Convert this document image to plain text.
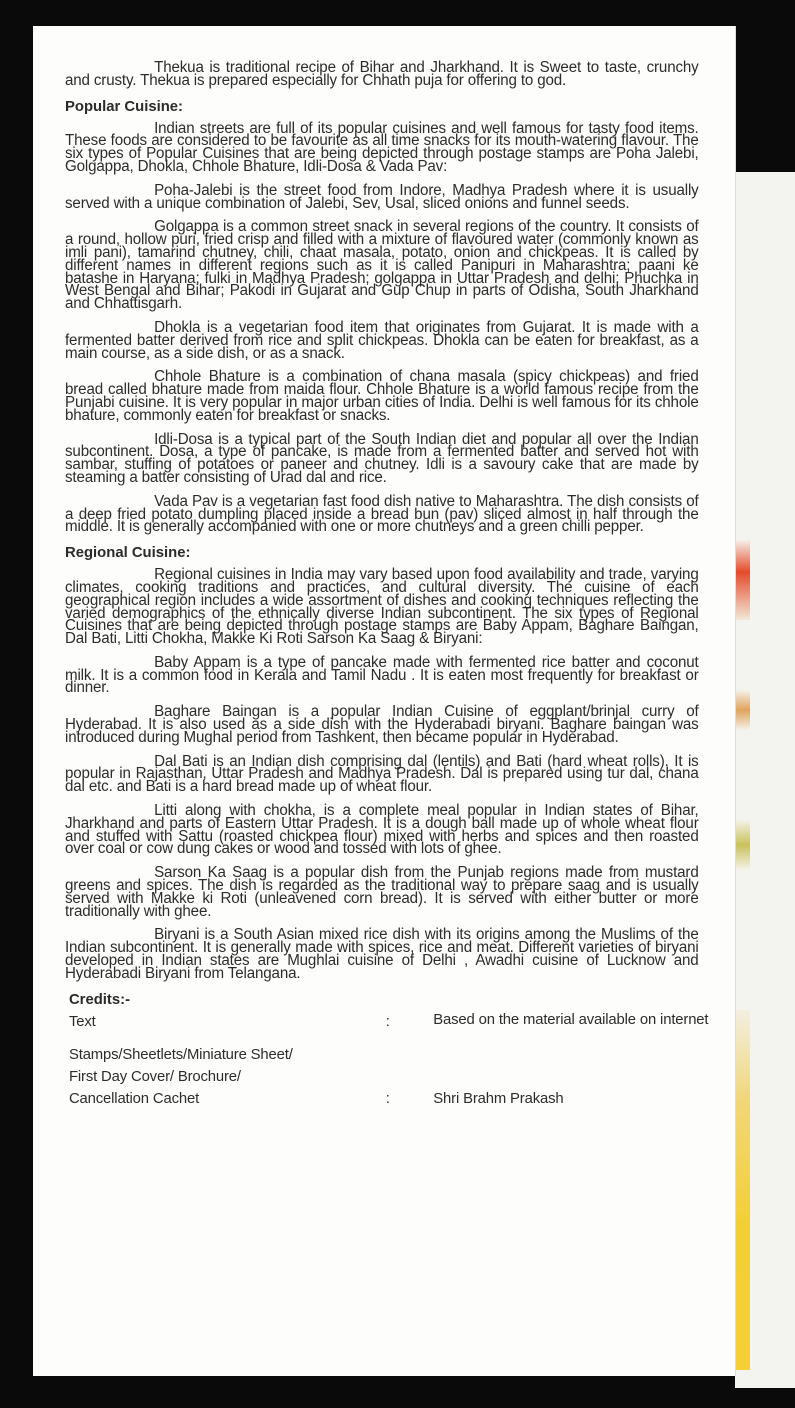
Thekua is traditional recipe of Bihar and Jharkhand. It is Sweet to taste, crunchy and crusty. Thekua is prepared especially for Chhath puja for offering to god.

Popular Cuisine:

Indian streets are full of its popular cuisines and well famous for tasty food items. These foods are considered to be favourite as all time snacks for its mouth-watering flavour. The six types of Popular Cuisines that are being depicted through postage stamps are Poha Jalebi, Golgappa, Dhokla, Chhole Bhature, Idli-Dosa & Vada Pav:

Poha-Jalebi is the street food from Indore, Madhya Pradesh where it is usually served with a unique combination of Jalebi, Sev, Usal, sliced onions and funnel seeds.

Golgappa is a common street snack in several regions of the country. It consists of a round, hollow puri, fried crisp and filled with a mixture of flavoured water (commonly known as imli pani), tamarind chutney, chili, chaat masala, potato, onion and chickpeas. It is called by different names in different regions such as it is called Panipuri in Maharashtra; paani ke batashe in Haryana; fulki in Madhya Pradesh; golgappa in Uttar Pradesh and delhi; Phuchka in West Bengal and Bihar; Pakodi in Gujarat and Gup Chup in parts of Odisha, South Jharkhand and Chhattisgarh.

Dhokla is a vegetarian food item that originates from Gujarat. It is made with a fermented batter derived from rice and split chickpeas. Dhokla can be eaten for breakfast, as a main course, as a side dish, or as a snack.

Chhole Bhature is a combination of chana masala (spicy chickpeas) and fried bread called bhature made from maida flour. Chhole Bhature is a world famous recipe from the Punjabi cuisine. It is very popular in major urban cities of India. Delhi is well famous for its chhole bhature, commonly eaten for breakfast or snacks.

Idli-Dosa is a typical part of the South Indian diet and popular all over the Indian subcontinent. Dosa, a type of pancake, is made from a fermented batter and served hot with sambar, stuffing of potatoes or paneer and chutney. Idli is a savoury cake that are made by steaming a batter consisting of Urad dal and rice.

Vada Pav is a vegetarian fast food dish native to Maharashtra. The dish consists of a deep fried potato dumpling placed inside a bread bun (pav) sliced almost in half through the middle. It is generally accompanied with one or more chutneys and a green chilli pepper.

Regional Cuisine:

Regional cuisines in India may vary based upon food availability and trade, varying climates, cooking traditions and practices, and cultural diversity. The cuisine of each geographical region includes a wide assortment of dishes and cooking techniques reflecting the varied demographics of the ethnically diverse Indian subcontinent. The six types of Regional Cuisines that are being depicted through postage stamps are Baby Appam, Baghare Baingan, Dal Bati, Litti Chokha, Makke Ki Roti Sarson Ka Saag & Biryani:

Baby Appam is a type of pancake made with fermented rice batter and coconut milk. It is a common food in Kerala and Tamil Nadu . It is eaten most frequently for breakfast or dinner.

Baghare Baingan is a popular Indian Cuisine of eggplant/brinjal curry of Hyderabad. It is also used as a side dish with the Hyderabadi biryani. Baghare baingan was introduced during Mughal period from Tashkent, then became popular in Hyderabad.

Dal Bati is an Indian dish comprising dal (lentils) and Bati (hard wheat rolls). It is popular in Rajasthan, Uttar Pradesh and Madhya Pradesh. Dal is prepared using tur dal, chana dal etc. and Bati is a hard bread made up of wheat flour.

Litti along with chokha, is a complete meal popular in Indian states of Bihar, Jharkhand and parts of Eastern Uttar Pradesh. It is a dough ball made up of whole wheat flour and stuffed with Sattu (roasted chickpea flour) mixed with herbs and spices and then roasted over coal or cow dung cakes or wood and tossed with lots of ghee.

Sarson Ka Saag is a popular dish from the Punjab regions made from mustard greens and spices. The dish is regarded as the traditional way to prepare saag and is usually served with Makke ki Roti (unleavened corn bread). It is served with either butter or more traditionally with ghee.

Biryani is a South Asian mixed rice dish with its origins among the Muslims of the Indian subcontinent. It is generally made with spices, rice and meat. Different varieties of biryani developed in Indian states are Mughlai cuisine of Delhi , Awadhi cuisine of Lucknow and Hyderabadi Biryani from Telangana.

Credits:-
Text	:	Based on the material available on internet
Stamps/Sheetlets/Miniature Sheet/
First Day Cover/ Brochure/
Cancellation Cachet	:	Shri Brahm Prakash
